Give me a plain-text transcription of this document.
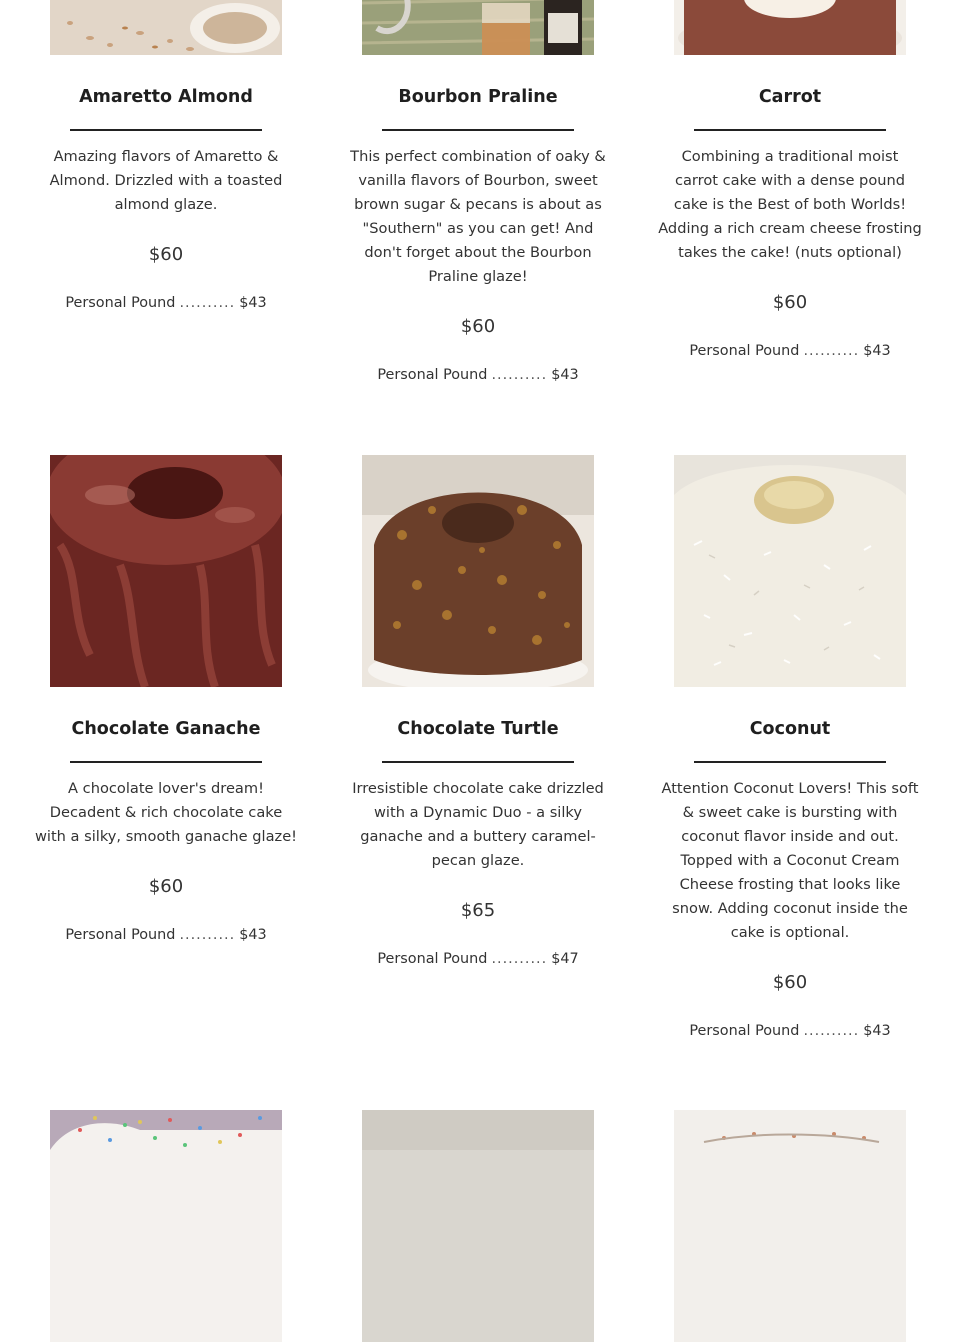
Amaretto Almond

Amazing flavors of Amaretto & Almond. Drizzled with a toasted almond glaze.

$60

Personal Pound .......... $43

Bourbon Praline

This perfect combination of oaky & vanilla flavors of Bourbon, sweet brown sugar & pecans is about as "Southern" as you can get! And don't forget about the Bourbon Praline glaze!

$60

Personal Pound .......... $43

Carrot

Combining a traditional moist carrot cake with a dense pound cake is the Best of both Worlds! Adding a rich cream cheese frosting takes the cake! (nuts optional)

$60

Personal Pound .......... $43

Chocolate Ganache

A chocolate lover's dream! Decadent & rich chocolate cake with a silky, smooth ganache glaze!

$60

Personal Pound .......... $43

Chocolate Turtle

Irresistible chocolate cake drizzled with a Dynamic Duo - a silky ganache and a buttery caramel-pecan glaze.

$65

Personal Pound .......... $47

Coconut

Attention Coconut Lovers! This soft & sweet cake is bursting with coconut flavor inside and out. Topped with a Coconut Cream Cheese frosting that looks like snow. Adding coconut inside the cake is optional.

$60

Personal Pound .......... $43
